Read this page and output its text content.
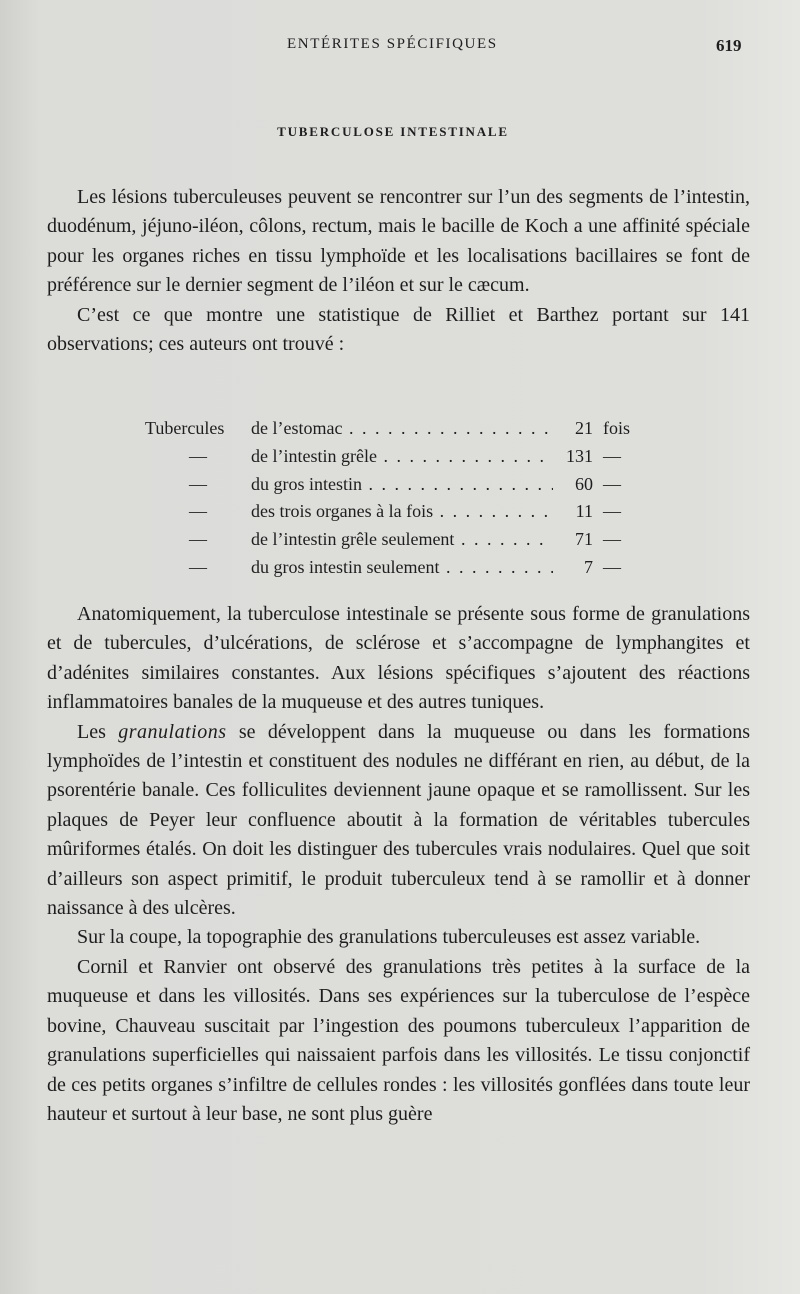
ENTÉRITES SPÉCIFIQUES	619
TUBERCULOSE INTESTINALE

Les lésions tuberculeuses peuvent se rencontrer sur l’un des segments de l’intestin, duodénum, jéjuno-iléon, côlons, rectum, mais le bacille de Koch a une affinité spéciale pour les organes riches en tissu lymphoïde et les localisations bacillaires se font de préférence sur le dernier segment de l’iléon et sur le cæcum.

C’est ce que montre une statistique de Rilliet et Barthez portant sur 141 observations; ces auteurs ont trouvé :

Tubercules	de l’estomac . . .	21 fois
—	de l’intestin grêle . . .	131 —
—	du gros intestin . . .	60 —
—	des trois organes à la fois . . .	11 —
—	de l’intestin grêle seulement . . .	71 —
—	du gros intestin seulement . . .	7 —

Anatomiquement, la tuberculose intestinale se présente sous forme de granulations et de tubercules, d’ulcérations, de sclérose et s’accompagne de lymphangites et d’adénites similaires constantes. Aux lésions spécifiques s’ajoutent des réactions inflammatoires banales de la muqueuse et des autres tuniques.

Les granulations se développent dans la muqueuse ou dans les formations lymphoïdes de l’intestin et constituent des nodules ne différant en rien, au début, de la psorentérie banale. Ces folliculites deviennent jaune opaque et se ramollissent. Sur les plaques de Peyer leur confluence aboutit à la formation de véritables tubercules mûriformes étalés. On doit les distinguer des tubercules vrais nodulaires. Quel que soit d’ailleurs son aspect primitif, le produit tuberculeux tend à se ramollir et à donner naissance à des ulcères.

Sur la coupe, la topographie des granulations tuberculeuses est assez variable.

Cornil et Ranvier ont observé des granulations très petites à la surface de la muqueuse et dans les villosités. Dans ses expériences sur la tuberculose de l’espèce bovine, Chauveau suscitait par l’ingestion des poumons tuberculeux l’apparition de granulations superficielles qui naissaient parfois dans les villosités. Le tissu conjonctif de ces petits organes s’infiltre de cellules rondes : les villosités gonflées dans toute leur hauteur et surtout à leur base, ne sont plus guère
